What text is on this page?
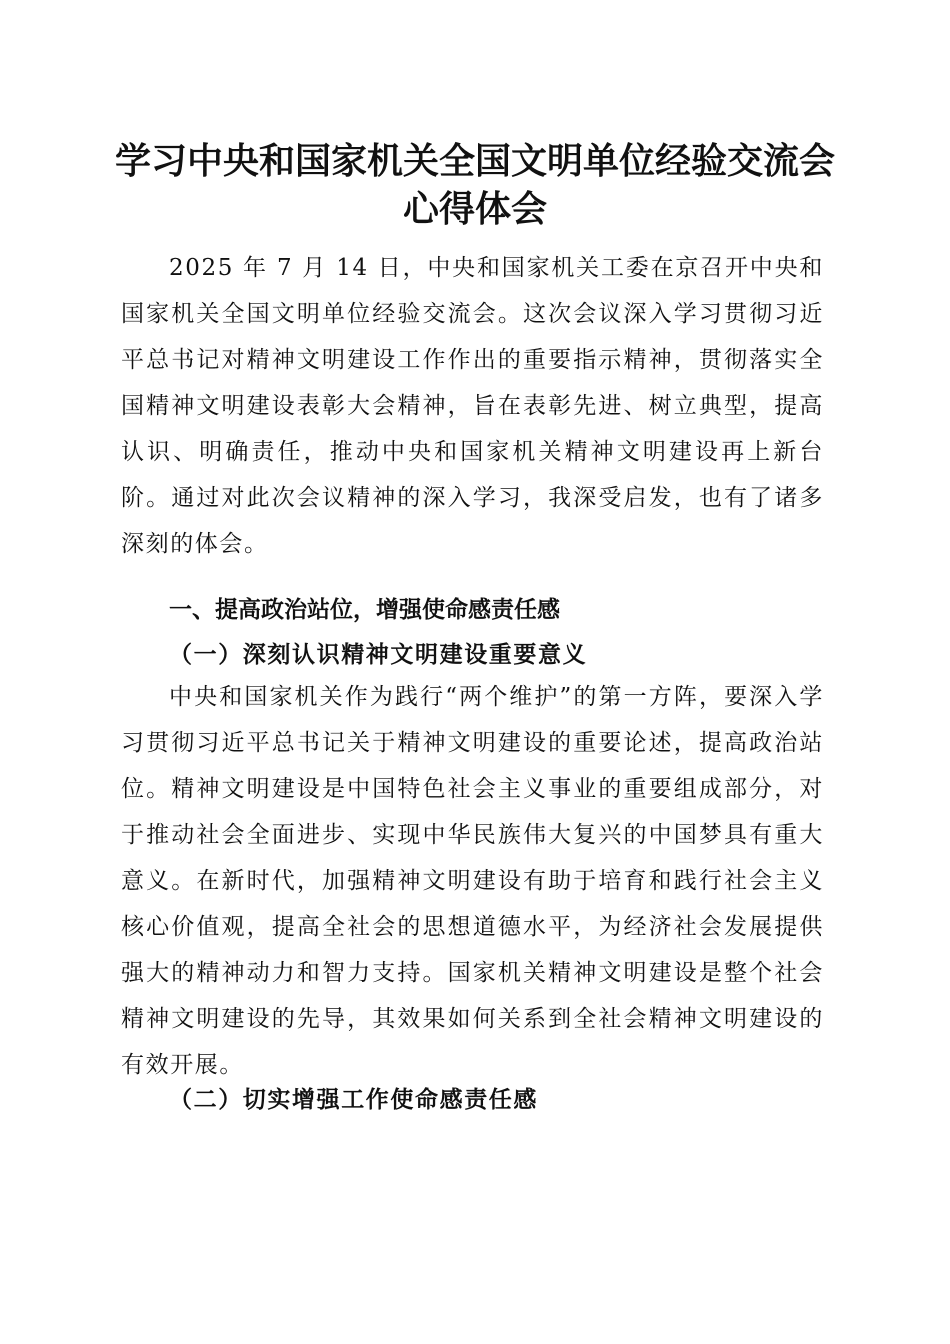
学习中央和国家机关全国文明单位经验交流会
心得体会

2025 年 7 月 14 日，中央和国家机关工委在京召开中央和国家机关全国文明单位经验交流会。这次会议深入学习贯彻习近平总书记对精神文明建设工作作出的重要指示精神，贯彻落实全国精神文明建设表彰大会精神，旨在表彰先进、树立典型，提高认识、明确责任，推动中央和国家机关精神文明建设再上新台阶。通过对此次会议精神的深入学习，我深受启发，也有了诸多深刻的体会。

一、提高政治站位，增强使命感责任感
（一）深刻认识精神文明建设重要意义

中央和国家机关作为践行“两个维护”的第一方阵，要深入学习贯彻习近平总书记关于精神文明建设的重要论述，提高政治站位。精神文明建设是中国特色社会主义事业的重要组成部分，对于推动社会全面进步、实现中华民族伟大复兴的中国梦具有重大意义。在新时代，加强精神文明建设有助于培育和践行社会主义核心价值观，提高全社会的思想道德水平，为经济社会发展提供强大的精神动力和智力支持。国家机关精神文明建设是整个社会精神文明建设的先导，其效果如何关系到全社会精神文明建设的有效开展。

（二）切实增强工作使命感责任感
